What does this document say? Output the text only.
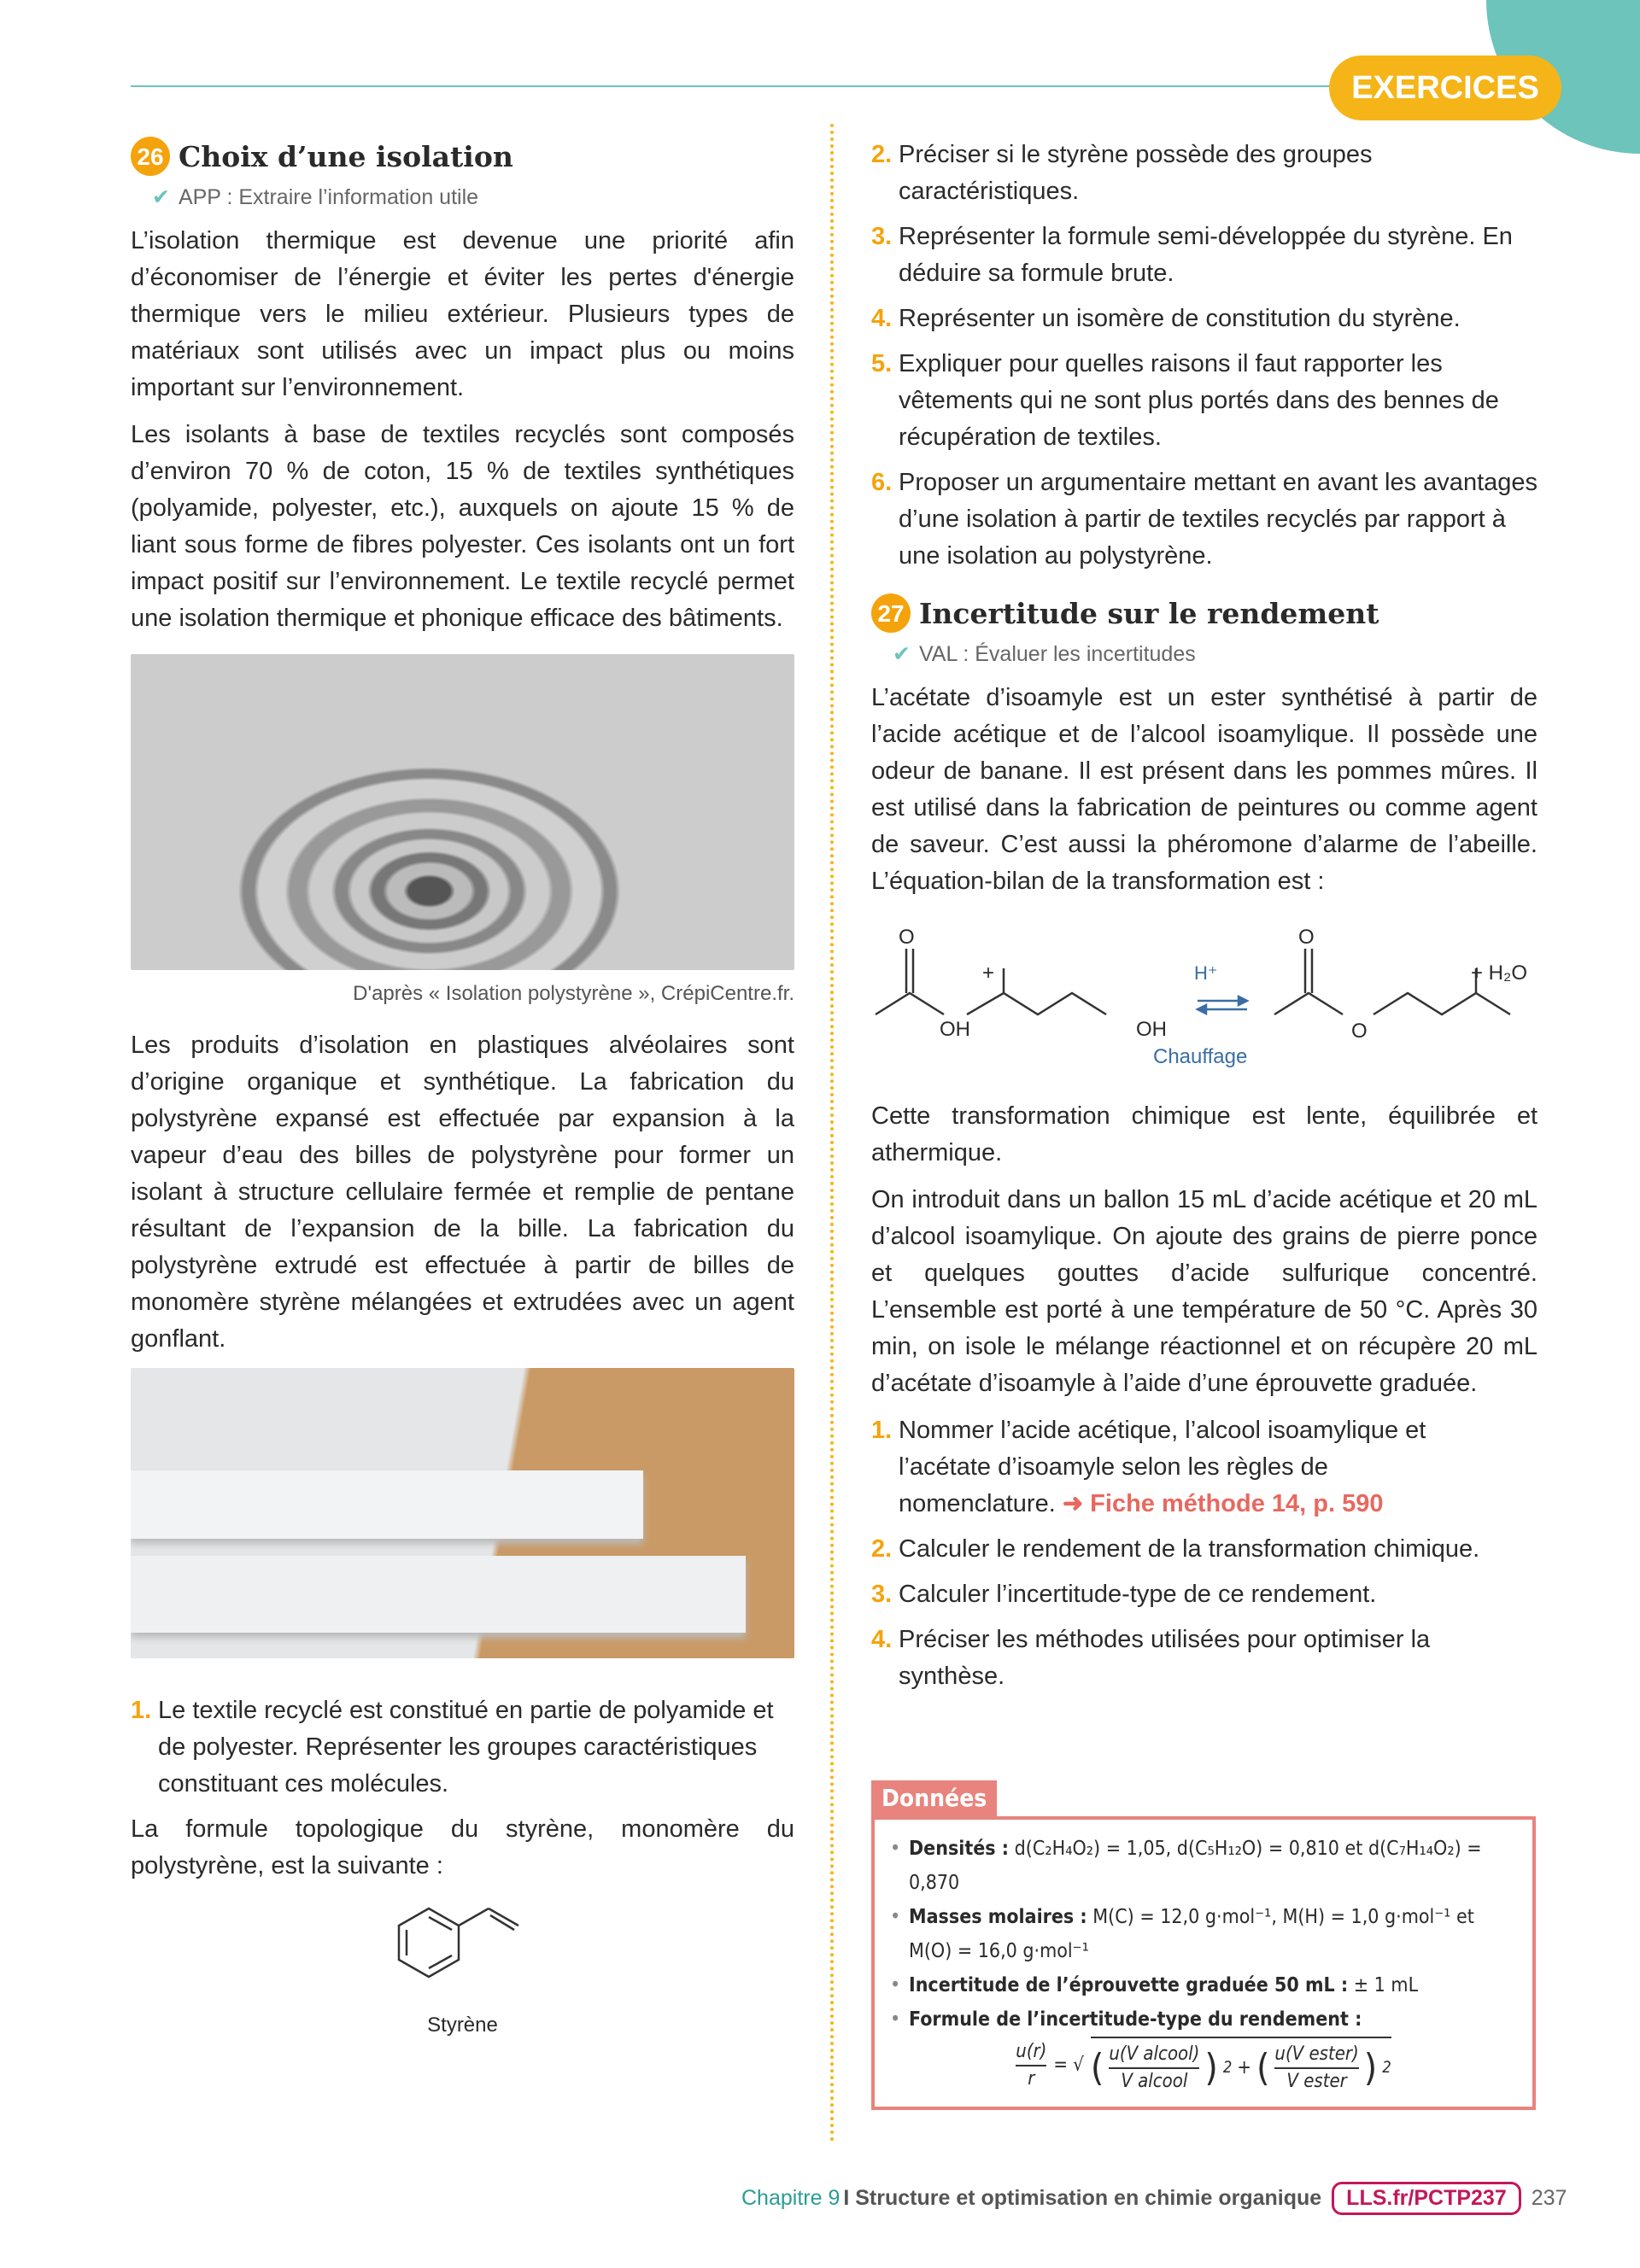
EXERCICES
26 Choix d’une isolation
✔ APP : Extraire l’information utile

L’isolation thermique est devenue une priorité afin d’économiser de l’énergie et éviter les pertes d'énergie thermique vers le milieu extérieur. Plusieurs types de matériaux sont utilisés avec un impact plus ou moins important sur l’environnement.

Les isolants à base de textiles recyclés sont composés d’environ 70 % de coton, 15 % de textiles synthétiques (polyamide, polyester, etc.), auxquels on ajoute 15 % de liant sous forme de fibres polyester. Ces isolants ont un fort impact positif sur l’environnement. Le textile recyclé permet une isolation thermique et phonique efficace des bâtiments.

D'après « Isolation polystyrène », CrépiCentre.fr.

Les produits d’isolation en plastiques alvéolaires sont d’origine organique et synthétique. La fabrication du polystyrène expansé est effectuée par expansion à la vapeur d’eau des billes de polystyrène pour former un isolant à structure cellulaire fermée et remplie de pentane résultant de l’expansion de la bille. La fabrication du polystyrène extrudé est effectuée à partir de billes de monomère styrène mélangées et extrudées avec un agent gonflant.

1. Le textile recyclé est constitué en partie de polyamide et de polyester. Représenter les groupes caractéristiques constituant ces molécules.

La formule topologique du styrène, monomère du polystyrène, est la suivante :

Styrène
2. Préciser si le styrène possède des groupes caractéristiques.
3. Représenter la formule semi-développée du styrène. En déduire sa formule brute.
4. Représenter un isomère de constitution du styrène.
5. Expliquer pour quelles raisons il faut rapporter les vêtements qui ne sont plus portés dans des bennes de récupération de textiles.
6. Proposer un argumentaire mettant en avant les avantages d’une isolation à partir de textiles recyclés par rapport à une isolation au polystyrène.
27 Incertitude sur le rendement
✔ VAL : Évaluer les incertitudes

L’acétate d’isoamyle est un ester synthétisé à partir de l’acide acétique et de l’alcool isoamylique. Il possède une odeur de banane. Il est présent dans les pommes mûres. Il est utilisé dans la fabrication de peintures ou comme agent de saveur. C’est aussi la phéromone d’alarme de l’abeille. L’équation-bilan de la transformation est :

O
OH
+
OH
H⁺
Chauffage
O
O
+ H₂O

Cette transformation chimique est lente, équilibrée et athermique.

On introduit dans un ballon 15 mL d’acide acétique et 20 mL d’alcool isoamylique. On ajoute des grains de pierre ponce et quelques gouttes d’acide sulfurique concentré. L’ensemble est porté à une température de 50 °C. Après 30 min, on isole le mélange réactionnel et on récupère 20 mL d’acétate d’isoamyle à l’aide d’une éprouvette graduée.

1. Nommer l’acide acétique, l’alcool isoamylique et l’acétate d’isoamyle selon les règles de nomenclature. ➜ Fiche méthode 14, p. 590
2. Calculer le rendement de la transformation chimique.
3. Calculer l’incertitude-type de ce rendement.
4. Préciser les méthodes utilisées pour optimiser la synthèse.
Données
• Densités : d(C₂H₄O₂) = 1,05, d(C₅H₁₂O) = 0,810 et d(C₇H₁₄O₂) = 0,870
• Masses molaires : M(C) = 12,0 g·mol⁻¹, M(H) = 1,0 g·mol⁻¹ et M(O) = 16,0 g·mol⁻¹
• Incertitude de l’éprouvette graduée 50 mL : ± 1 mL
• Formule de l’incertitude-type du rendement :
$\frac{u(r)}{r}$ = √ ( u(V alcool)
V alcool ) 2 + ( u(V ester)
V ester ) 2
Chapitre 9 I Structure et optimisation en chimie organique	LLS.fr/PCTP237	237
